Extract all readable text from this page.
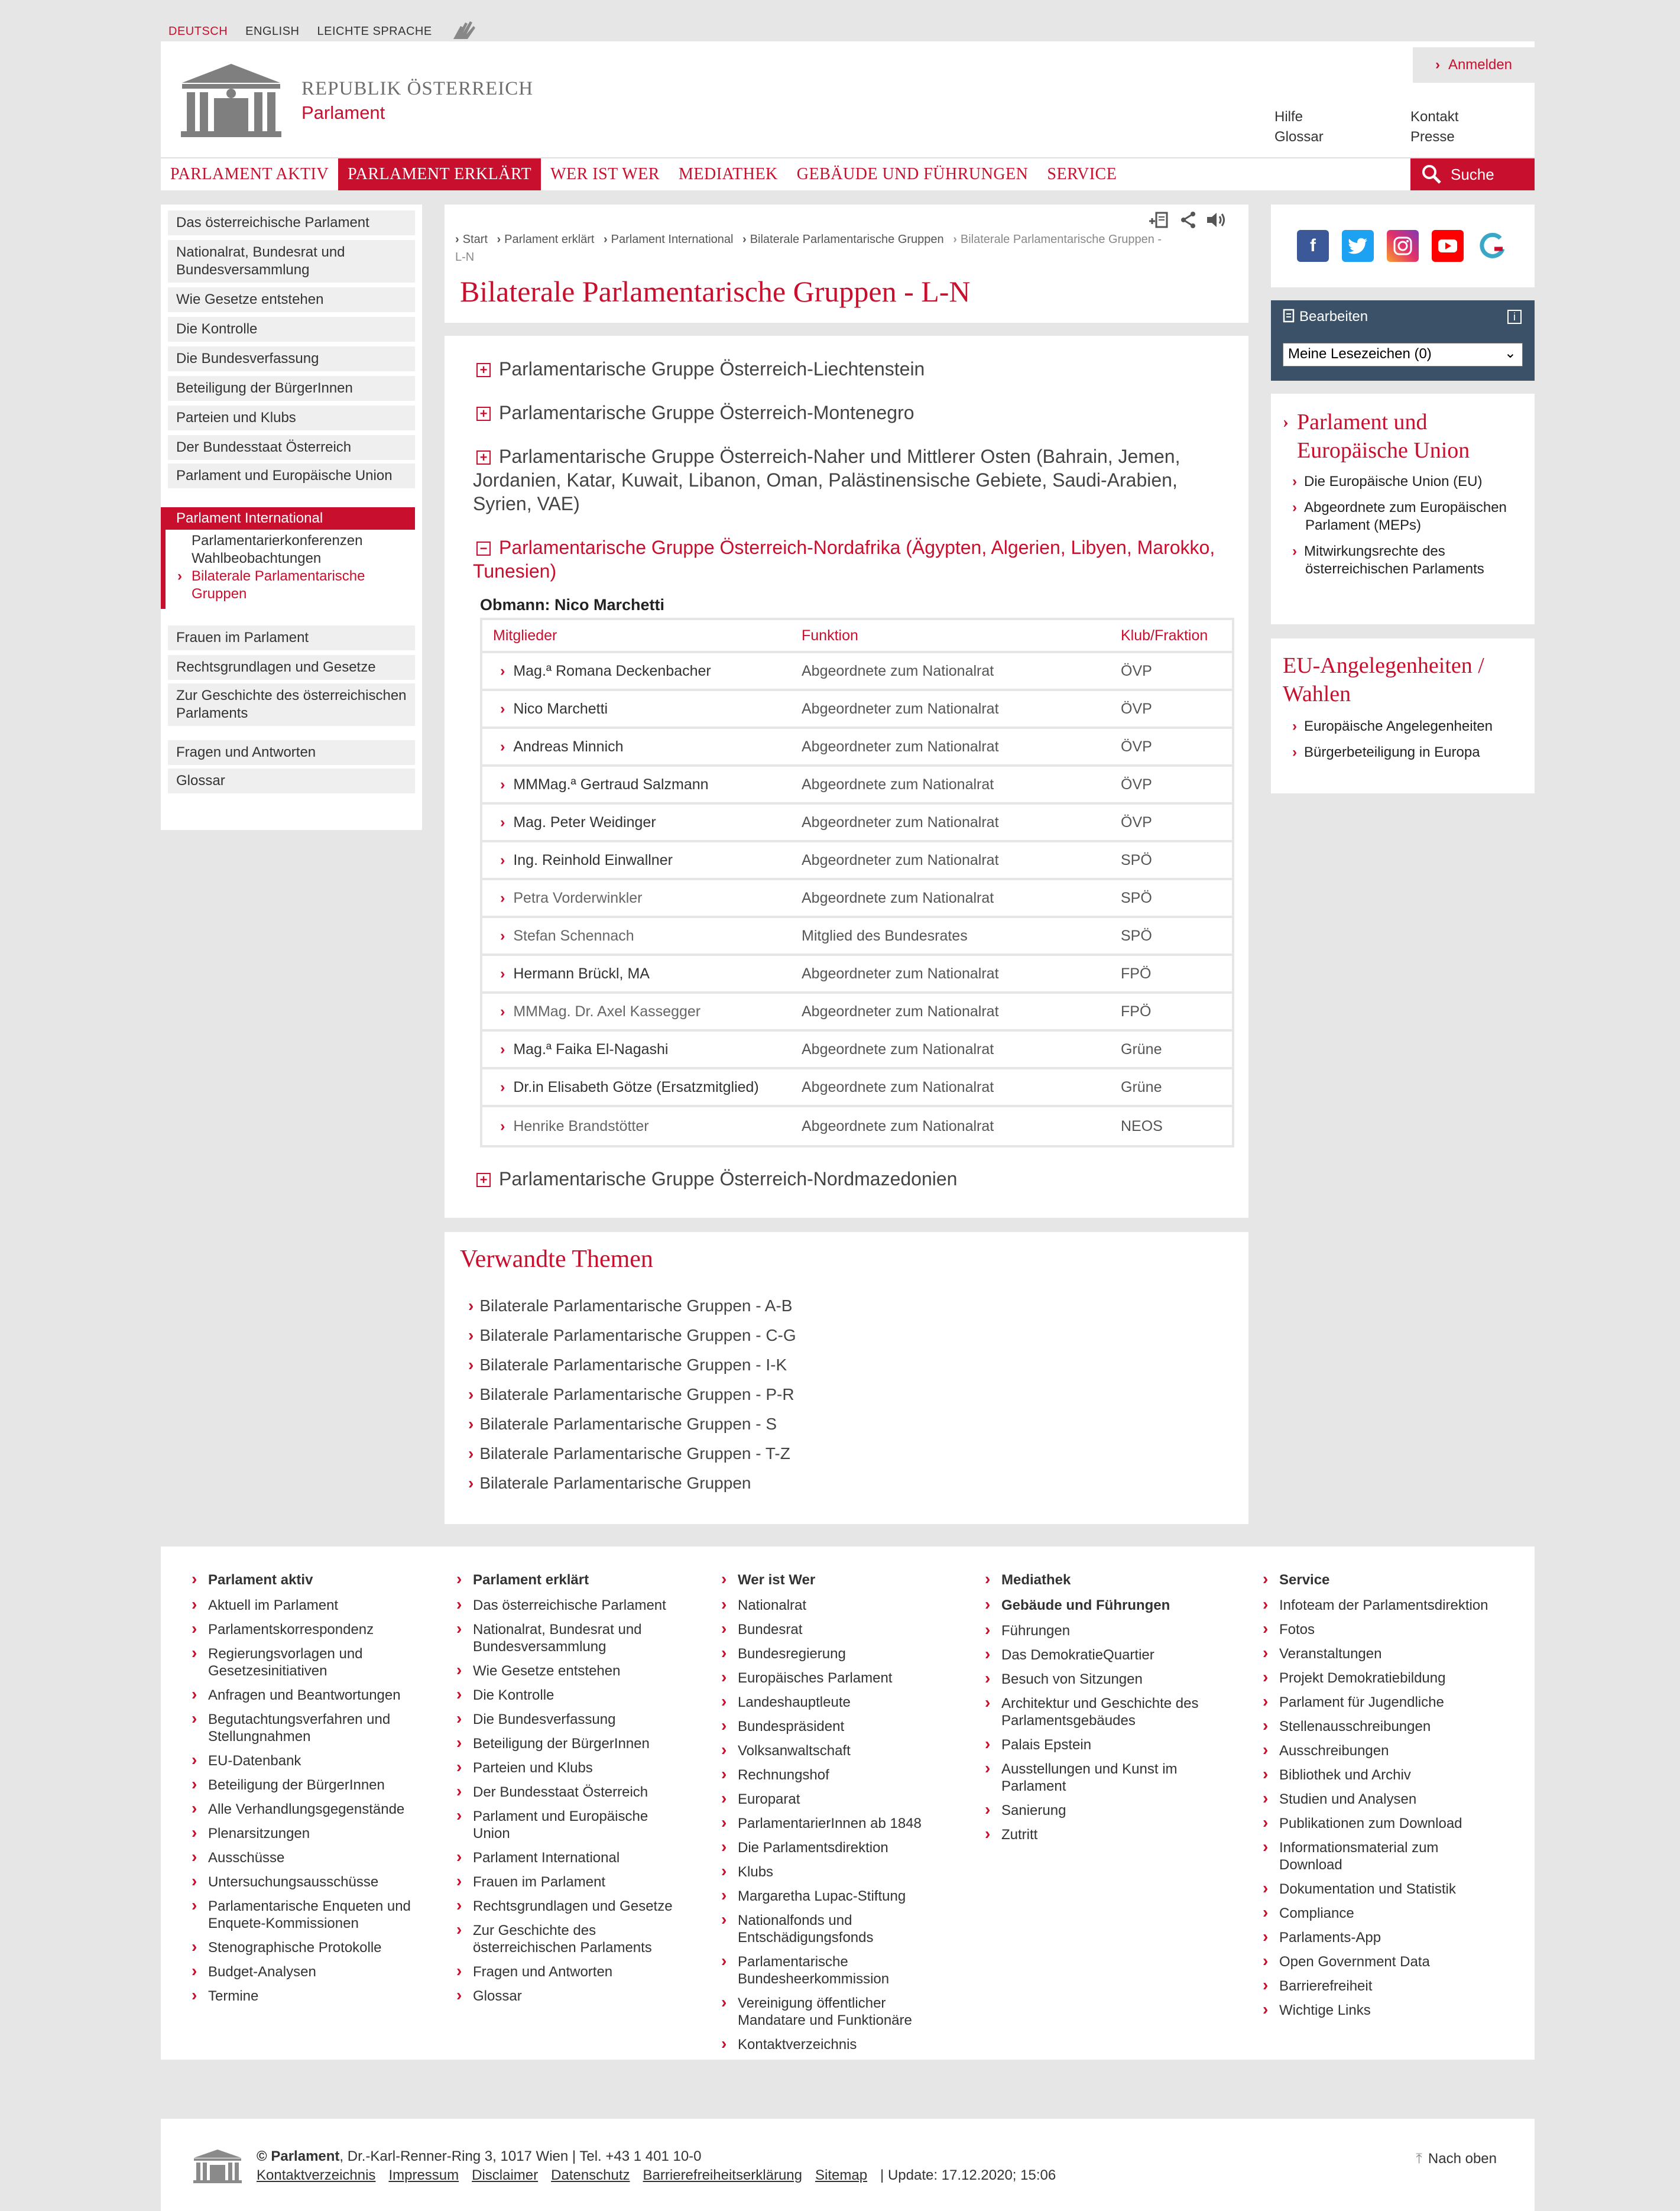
DEUTSCH ENGLISH LEICHTE SPRACHE
REPUBLIK ÖSTERREICH
Parlament
› Anmelden
Hilfe	Kontakt
Glossar	Presse
PARLAMENT AKTIV	PARLAMENT ERKLÄRT	WER IST WER	MEDIATHEK	GEBÄUDE UND FÜHRUNGEN	SERVICE	Suche
Das österreichische Parlament
Nationalrat, Bundesrat und Bundesversammlung
Wie Gesetze entstehen
Die Kontrolle
Die Bundesverfassung
Beteiligung der BürgerInnen
Parteien und Klubs
Der Bundesstaat Österreich
Parlament und Europäische Union
Parlament International
Parlamentarierkonferenzen
Wahlbeobachtungen
› Bilaterale Parlamentarische Gruppen
Frauen im Parlament
Rechtsgrundlagen und Gesetze
Zur Geschichte des österreichischen Parlaments
Fragen und Antworten
Glossar
› Start › Parlament erklärt › Parlament International › Bilaterale Parlamentarische Gruppen › Bilaterale Parlamentarische Gruppen - L-N
Bilaterale Parlamentarische Gruppen - L-N
+ Parlamentarische Gruppe Österreich-Liechtenstein
+ Parlamentarische Gruppe Österreich-Montenegro
+ Parlamentarische Gruppe Österreich-Naher und Mittlerer Osten (Bahrain, Jemen, Jordanien, Katar, Kuwait, Libanon, Oman, Palästinensische Gebiete, Saudi-Arabien, Syrien, VAE)
− Parlamentarische Gruppe Österreich-Nordafrika (Ägypten, Algerien, Libyen, Marokko, Tunesien)
Obmann: Nico Marchetti
Mitglieder	Funktion	Klub/Fraktion
› Mag.ª Romana Deckenbacher	Abgeordnete zum Nationalrat	ÖVP
› Nico Marchetti	Abgeordneter zum Nationalrat	ÖVP
› Andreas Minnich	Abgeordneter zum Nationalrat	ÖVP
› MMMag.ª Gertraud Salzmann	Abgeordnete zum Nationalrat	ÖVP
› Mag. Peter Weidinger	Abgeordneter zum Nationalrat	ÖVP
› Ing. Reinhold Einwallner	Abgeordneter zum Nationalrat	SPÖ
› Petra Vorderwinkler	Abgeordnete zum Nationalrat	SPÖ
› Stefan Schennach	Mitglied des Bundesrates	SPÖ
› Hermann Brückl, MA	Abgeordneter zum Nationalrat	FPÖ
› MMMag. Dr. Axel Kassegger	Abgeordneter zum Nationalrat	FPÖ
› Mag.ª Faika El-Nagashi	Abgeordnete zum Nationalrat	Grüne
› Dr.in Elisabeth Götze (Ersatzmitglied)	Abgeordnete zum Nationalrat	Grüne
› Henrike Brandstötter	Abgeordnete zum Nationalrat	NEOS
+ Parlamentarische Gruppe Österreich-Nordmazedonien
Verwandte Themen
› Bilaterale Parlamentarische Gruppen - A-B
› Bilaterale Parlamentarische Gruppen - C-G
› Bilaterale Parlamentarische Gruppen - I-K
› Bilaterale Parlamentarische Gruppen - P-R
› Bilaterale Parlamentarische Gruppen - S
› Bilaterale Parlamentarische Gruppen - T-Z
› Bilaterale Parlamentarische Gruppen
f
Bearbeiten	i
Meine Lesezeichen (0)	⌄
› Parlament und Europäische Union
› Die Europäische Union (EU)
› Abgeordnete zum Europäischen Parlament (MEPs)
› Mitwirkungsrechte des österreichischen Parlaments
EU-Angelegenheiten / Wahlen
› Europäische Angelegenheiten
› Bürgerbeteiligung in Europa
› Parlament aktiv
› Aktuell im Parlament
› Parlamentskorrespondenz
› Regierungsvorlagen und Gesetzesinitiativen
› Anfragen und Beantwortungen
› Begutachtungsverfahren und Stellungnahmen
› EU-Datenbank
› Beteiligung der BürgerInnen
› Alle Verhandlungsgegenstände
› Plenarsitzungen
› Ausschüsse
› Untersuchungsausschüsse
› Parlamentarische Enqueten und Enquete-Kommissionen
› Stenographische Protokolle
› Budget-Analysen
› Termine
› Parlament erklärt
› Das österreichische Parlament
› Nationalrat, Bundesrat und Bundesversammlung
› Wie Gesetze entstehen
› Die Kontrolle
› Die Bundesverfassung
› Beteiligung der BürgerInnen
› Parteien und Klubs
› Der Bundesstaat Österreich
› Parlament und Europäische Union
› Parlament International
› Frauen im Parlament
› Rechtsgrundlagen und Gesetze
› Zur Geschichte des österreichischen Parlaments
› Fragen und Antworten
› Glossar
› Wer ist Wer
› Nationalrat
› Bundesrat
› Bundesregierung
› Europäisches Parlament
› Landeshauptleute
› Bundespräsident
› Volksanwaltschaft
› Rechnungshof
› Europarat
› ParlamentarierInnen ab 1848
› Die Parlamentsdirektion
› Klubs
› Margaretha Lupac-Stiftung
› Nationalfonds und Entschädigungsfonds
› Parlamentarische Bundesheerkommission
› Vereinigung öffentlicher Mandatare und Funktionäre
› Kontaktverzeichnis
› Mediathek
› Gebäude und Führungen
› Führungen
› Das DemokratieQuartier
› Besuch von Sitzungen
› Architektur und Geschichte des Parlamentsgebäudes
› Palais Epstein
› Ausstellungen und Kunst im Parlament
› Sanierung
› Zutritt
› Service
› Infoteam der Parlamentsdirektion
› Fotos
› Veranstaltungen
› Projekt Demokratiebildung
› Parlament für Jugendliche
› Stellenausschreibungen
› Ausschreibungen
› Bibliothek und Archiv
› Studien und Analysen
› Publikationen zum Download
› Informationsmaterial zum Download
› Dokumentation und Statistik
› Compliance
› Parlaments-App
› Open Government Data
› Barrierefreiheit
› Wichtige Links
© Parlament, Dr.-Karl-Renner-Ring 3, 1017 Wien | Tel. +43 1 401 10-0
Kontaktverzeichnis Impressum Disclaimer Datenschutz Barrierefreiheitserklärung Sitemap | Update: 17.12.2020; 15:06
⤒ Nach oben
